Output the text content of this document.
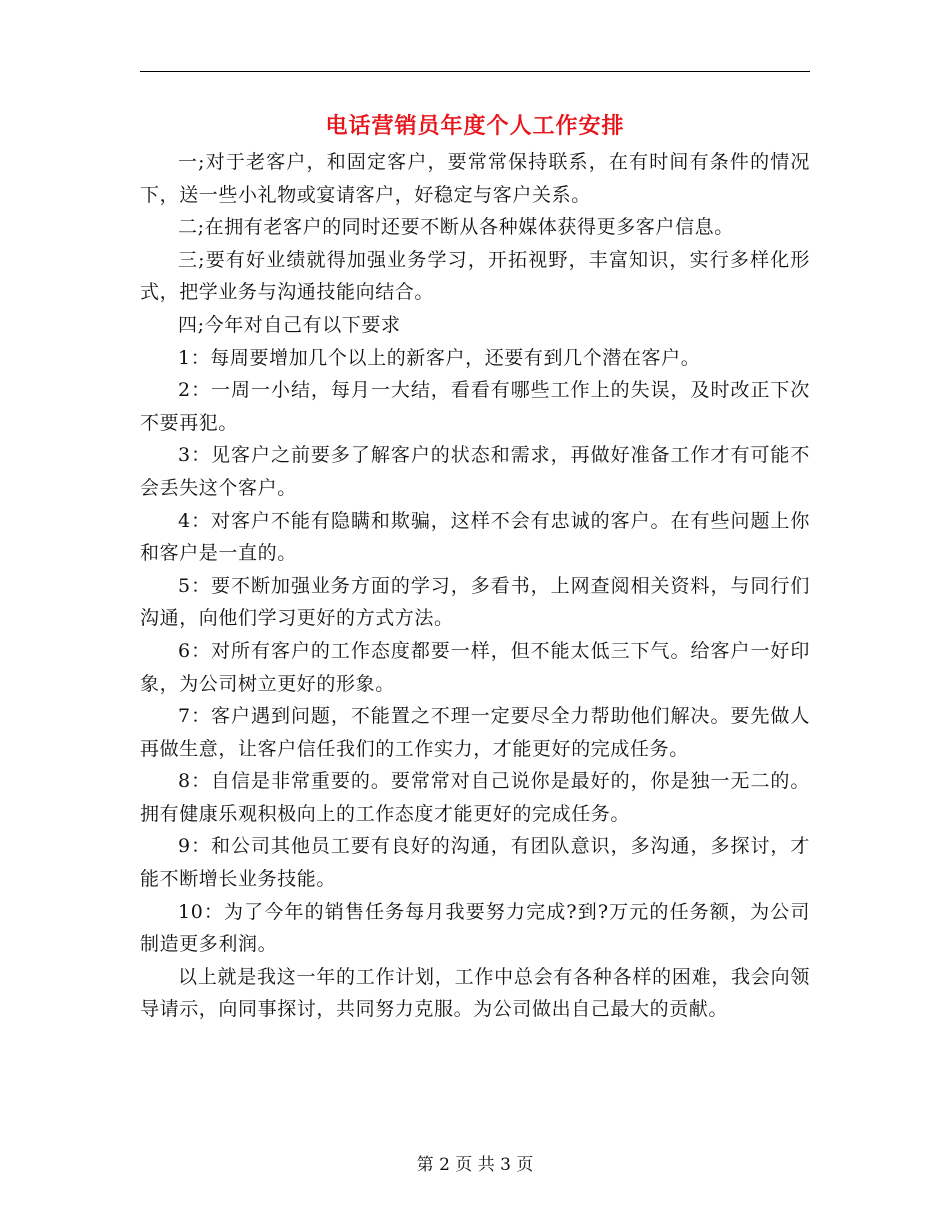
电话营销员年度个人工作安排

一;对于老客户，和固定客户，要常常保持联系，在有时间有条件的情况下，送一些小礼物或宴请客户，好稳定与客户关系。

二;在拥有老客户的同时还要不断从各种媒体获得更多客户信息。

三;要有好业绩就得加强业务学习，开拓视野，丰富知识，实行多样化形式，把学业务与沟通技能向结合。

四;今年对自己有以下要求

1：每周要增加几个以上的新客户，还要有到几个潜在客户。

2：一周一小结，每月一大结，看看有哪些工作上的失误，及时改正下次不要再犯。

3：见客户之前要多了解客户的状态和需求，再做好准备工作才有可能不会丢失这个客户。

4：对客户不能有隐瞒和欺骗，这样不会有忠诚的客户。在有些问题上你和客户是一直的。

5：要不断加强业务方面的学习，多看书，上网查阅相关资料，与同行们沟通，向他们学习更好的方式方法。

6：对所有客户的工作态度都要一样，但不能太低三下气。给客户一好印象，为公司树立更好的形象。

7：客户遇到问题，不能置之不理一定要尽全力帮助他们解决。要先做人再做生意，让客户信任我们的工作实力，才能更好的完成任务。

8：自信是非常重要的。要常常对自己说你是最好的，你是独一无二的。拥有健康乐观积极向上的工作态度才能更好的完成任务。

9：和公司其他员工要有良好的沟通，有团队意识，多沟通，多探讨，才能不断增长业务技能。

10：为了今年的销售任务每月我要努力完成?到?万元的任务额，为公司制造更多利润。

以上就是我这一年的工作计划，工作中总会有各种各样的困难，我会向领导请示，向同事探讨，共同努力克服。为公司做出自己最大的贡献。

第 2 页 共 3 页
